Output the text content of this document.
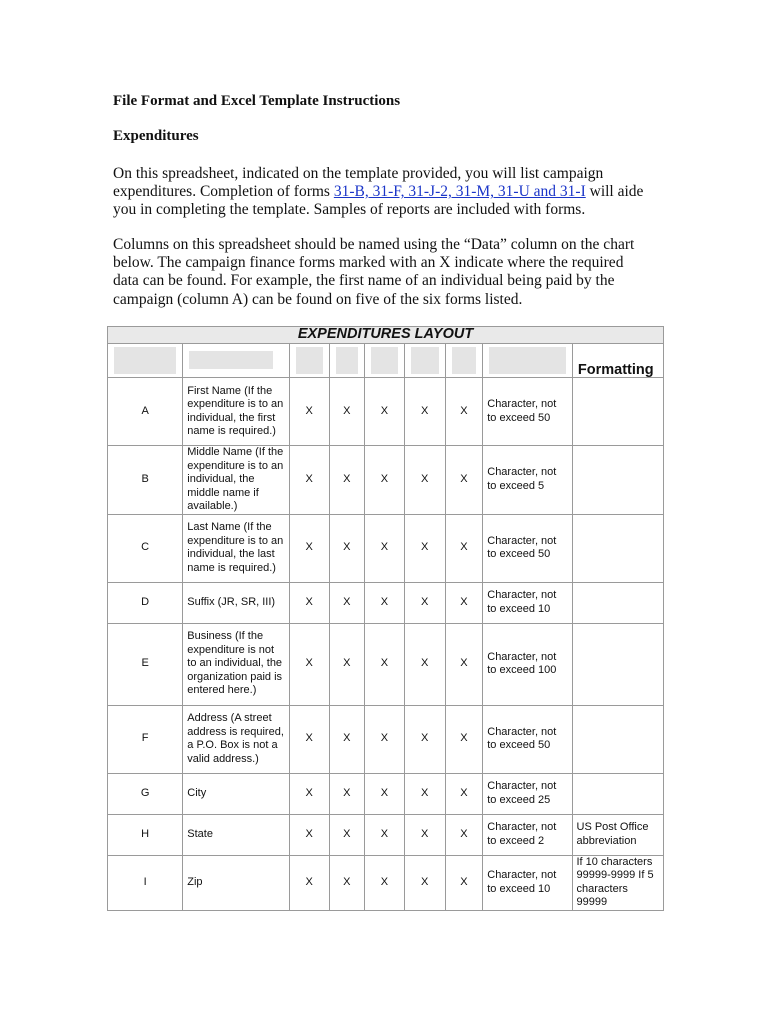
File Format and Excel Template Instructions
Expenditures

On this spreadsheet, indicated on the template provided, you will list campaign expenditures. Completion of forms 31-B, 31-F, 31-J-2, 31-M, 31-U and 31-I will aide you in completing the template. Samples of reports are included with forms.

Columns on this spreadsheet should be named using the “Data” column on the chart below. The campaign finance forms marked with an X indicate where the required data can be found. For example, the first name of an individual being paid by the campaign (column A) can be found on five of the six forms listed.

EXPENDITURES LAYOUT								

	Formatting
A	First Name (If the expenditure is to an individual, the first name is required.)	X	X	X	X	X	Character, not to exceed 50	
B	Middle Name (If the expenditure is to an individual, the middle name if available.)	X	X	X	X	X	Character, not to exceed 5	
C	Last Name (If the expenditure is to an individual, the last name is required.)	X	X	X	X	X	Character, not to exceed 50	
D	Suffix (JR, SR, III)	X	X	X	X	X	Character, not to exceed 10	
E	Business (If the expenditure is not to an individual, the organization paid is entered here.)	X	X	X	X	X	Character, not to exceed 100	
F	Address (A street address is required, a P.O. Box is not a valid address.)	X	X	X	X	X	Character, not to exceed 50	
G	City	X	X	X	X	X	Character, not to exceed 25	
H	State	X	X	X	X	X	Character, not to exceed 2	US Post Office abbreviation
I	Zip	X	X	X	X	X	Character, not to exceed 10	If 10 characters 99999-9999 If 5 characters 99999
